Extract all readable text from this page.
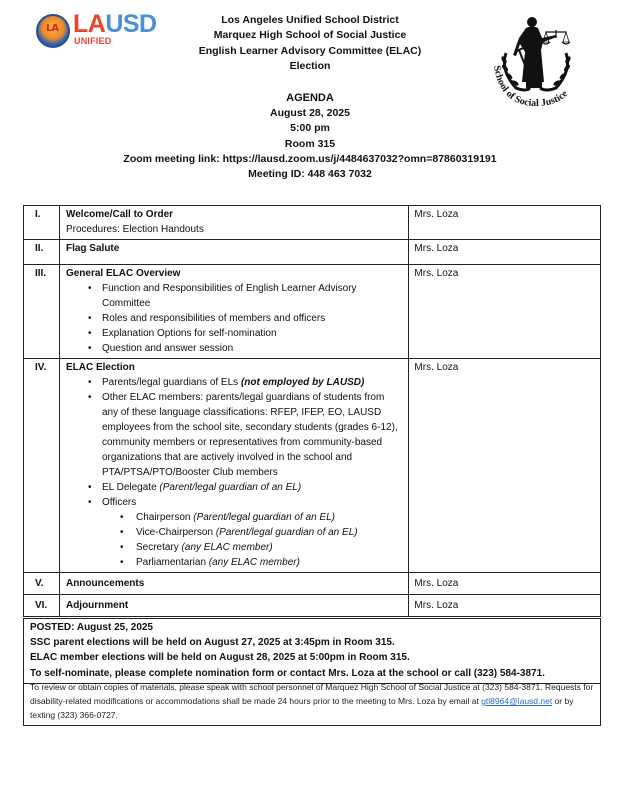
LA LAUSD
UNIFIED
School of Social Justice
Los Angeles Unified School District
Marquez High School of Social Justice
English Learner Advisory Committee (ELAC)
Election
AGENDA
August 28, 2025
5:00 pm
Room 315
Zoom meeting link: https://lausd.zoom.us/j/4484637032?omn=87860319191
Meeting ID: 448 463 7032
I.	Welcome/Call to Order
Procedures: Election Handouts	Mrs. Loza
II.	Flag Salute	Mrs. Loza
III.	General ELAC Overview
• Function and Responsibilities of English Learner Advisory Committee
• Roles and responsibilities of members and officers
• Explanation Options for self-nomination
• Question and answer session
	Mrs. Loza
IV.	ELAC Election
• Parents/legal guardians of ELs (not employed by LAUSD)
• Other ELAC members: parents/legal guardians of students from any of these language classifications: RFEP, IFEP, EO, LAUSD employees from the school site, secondary students (grades 6-12), community members or representatives from community-based organizations that are actively involved in the school and PTA/PTSA/PTO/Booster Club members
• EL Delegate (Parent/legal guardian of an EL)
• Officers
• Chairperson (Parent/legal guardian of an EL)
• Vice-Chairperson (Parent/legal guardian of an EL)
• Secretary (any ELAC member)
• Parliamentarian (any ELAC member)
	Mrs. Loza
V.	Announcements	Mrs. Loza
VI.	Adjournment	Mrs. Loza
POSTED: August 25, 2025
SSC parent elections will be held on August 27, 2025 at 3:45pm in Room 315.
ELAC member elections will be held on August 28, 2025 at 5:00pm in Room 315.
To self-nominate, please complete nomination form or contact Mrs. Loza at the school or call (323) 584-3871.
To review or obtain copies of materials, please speak with school personnel of Marquez High School of Social Justice at (323) 584-3871. Requests for disability-related modifications or accommodations shall be made 24 hours prior to the meeting to Mrs. Loza by email at gtl8964@lausd.net or by texting (323) 366-0727.
